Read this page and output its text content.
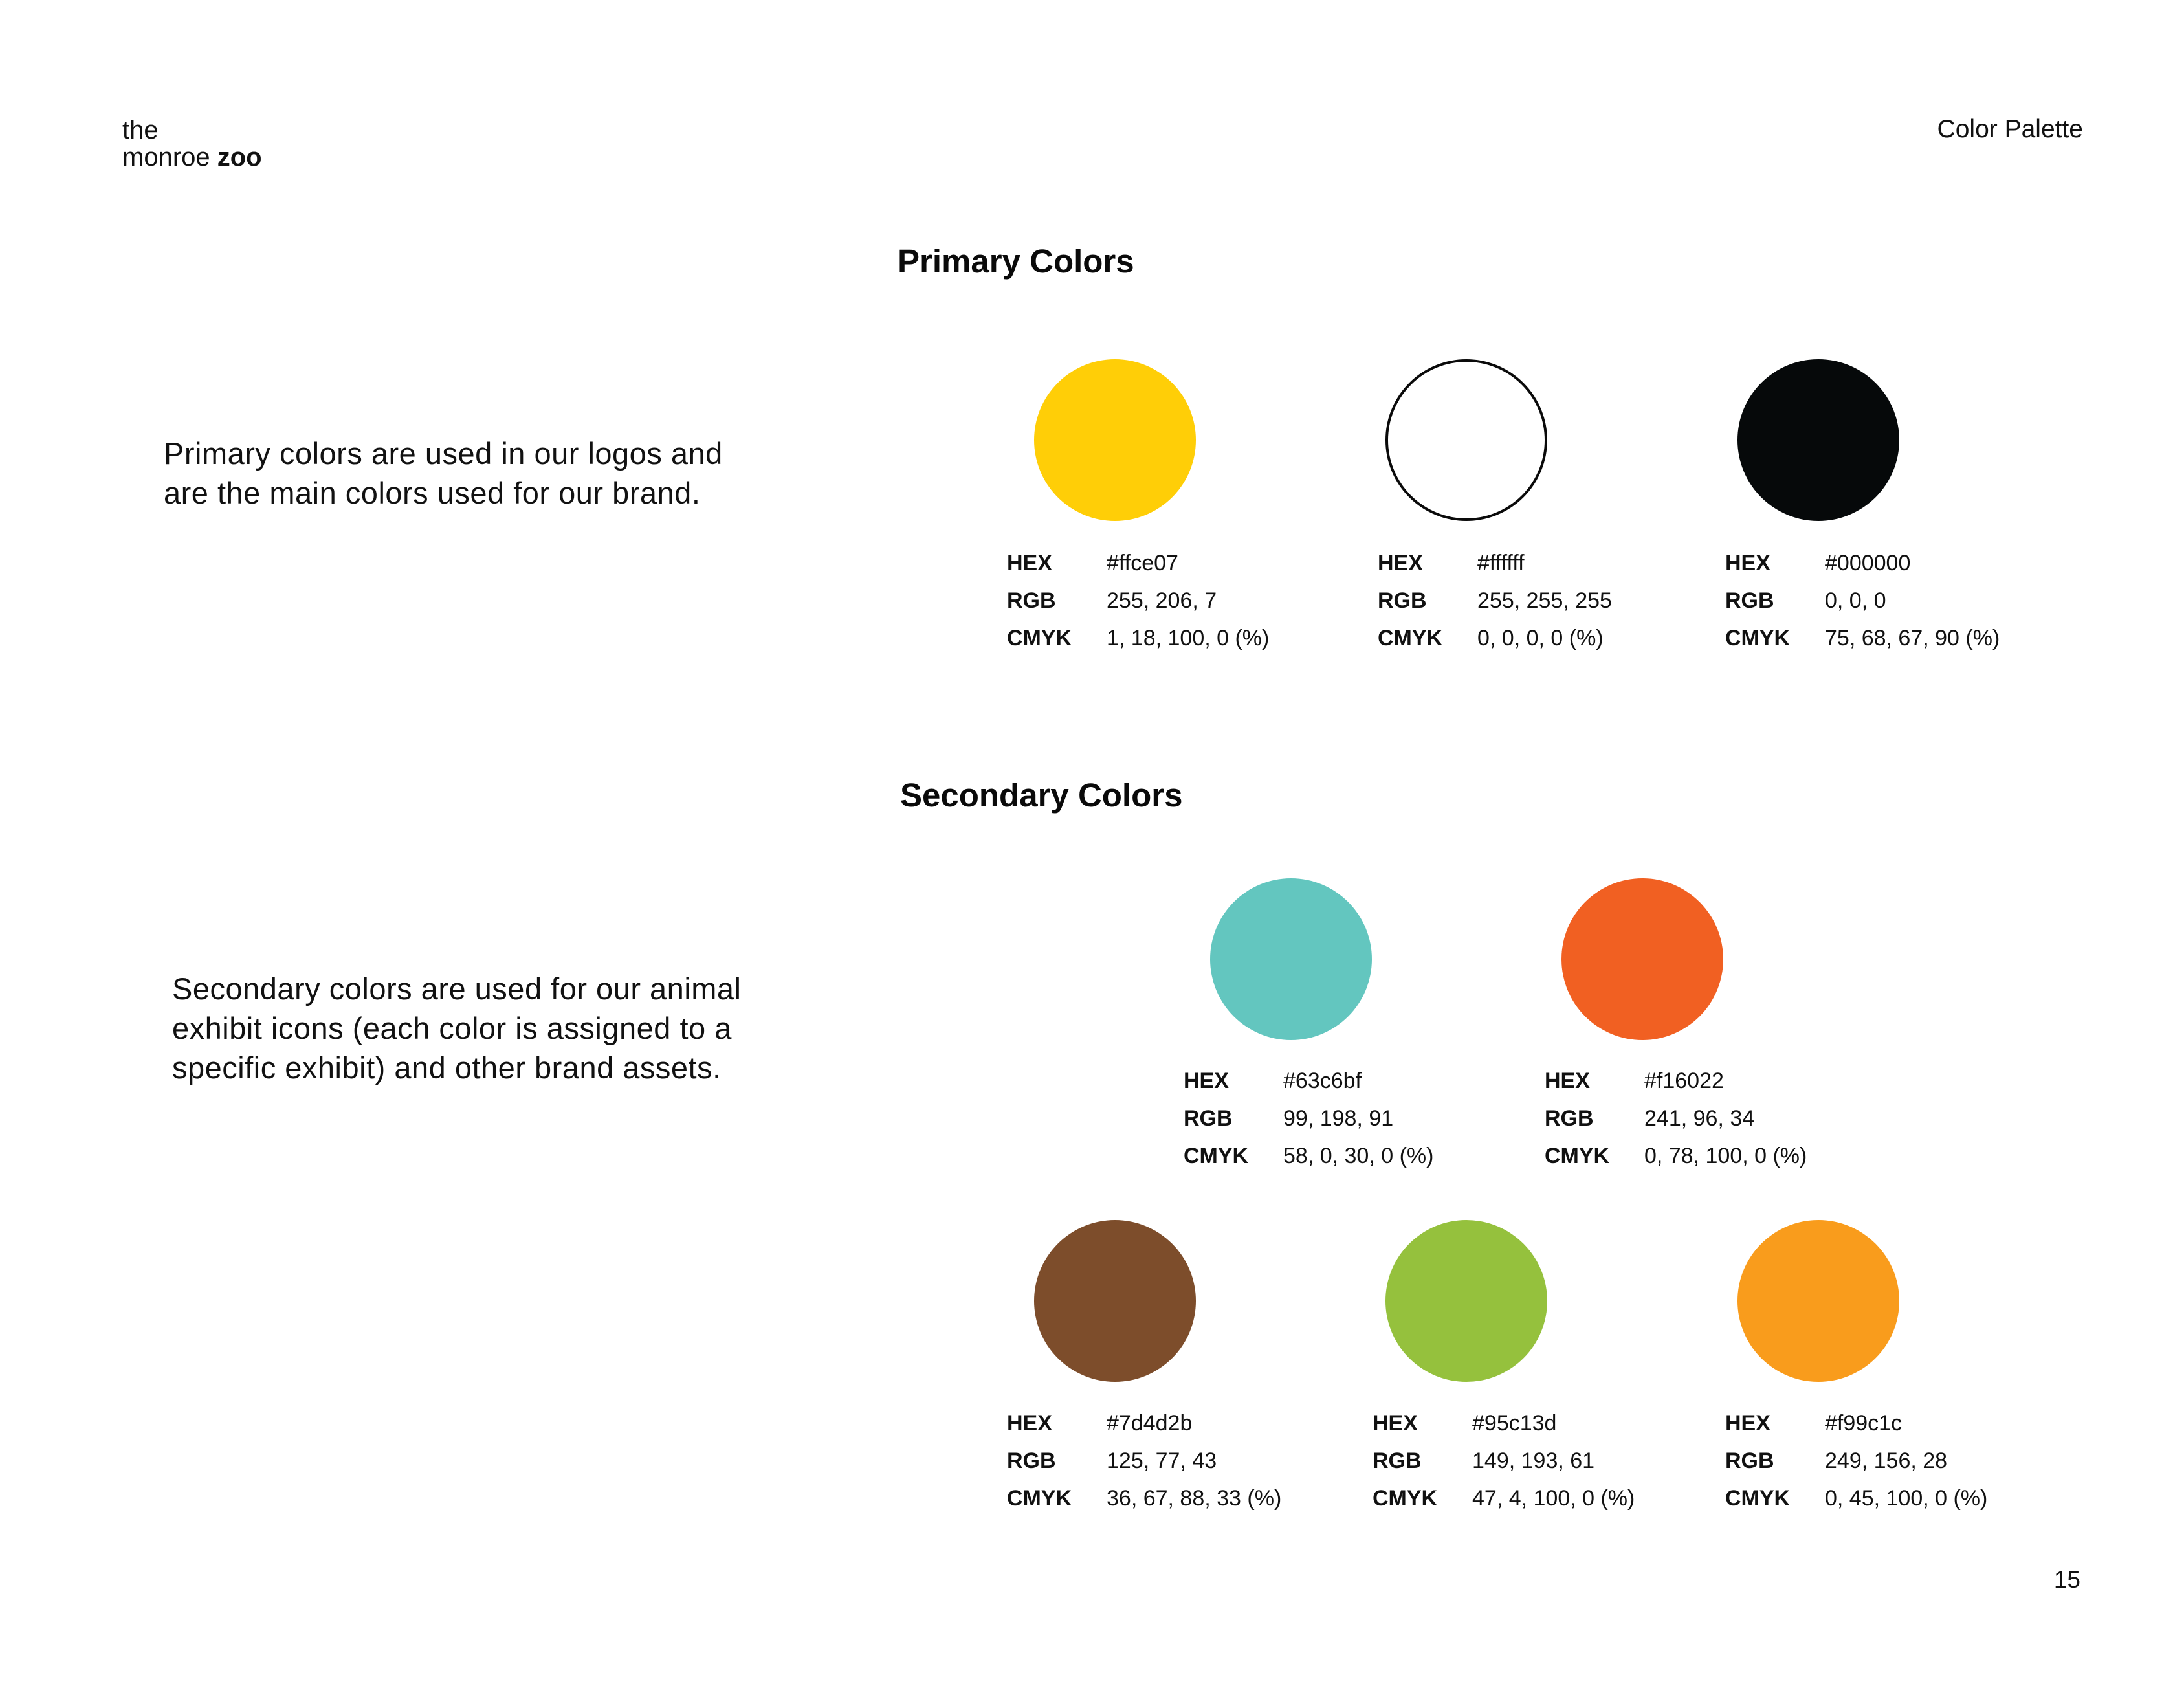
the
monroe zoo
Color Palette
Primary Colors
Primary colors are used in our logos and are the main colors used for our brand.
HEX	#ffce07
RGB	255, 206, 7
CMYK	1, 18, 100, 0 (%)
HEX	#ffffff
RGB	255, 255, 255
CMYK	0, 0, 0, 0 (%)
HEX	#000000
RGB	0, 0, 0
CMYK	75, 68, 67, 90 (%)
Secondary Colors
Secondary colors are used for our animal exhibit icons (each color is assigned to a specific exhibit) and other brand assets.	HEX	#63c6bf
RGB	99, 198, 91
CMYK	58, 0, 30, 0 (%)
HEX	#f16022
RGB	241, 96, 34
CMYK	0, 78, 100, 0 (%)
HEX	#7d4d2b
RGB	125, 77, 43
CMYK	36, 67, 88, 33 (%)
HEX	#95c13d
RGB	149, 193, 61
CMYK	47, 4, 100, 0 (%)
HEX	#f99c1c
RGB	249, 156, 28
CMYK	0, 45, 100, 0 (%)
15
